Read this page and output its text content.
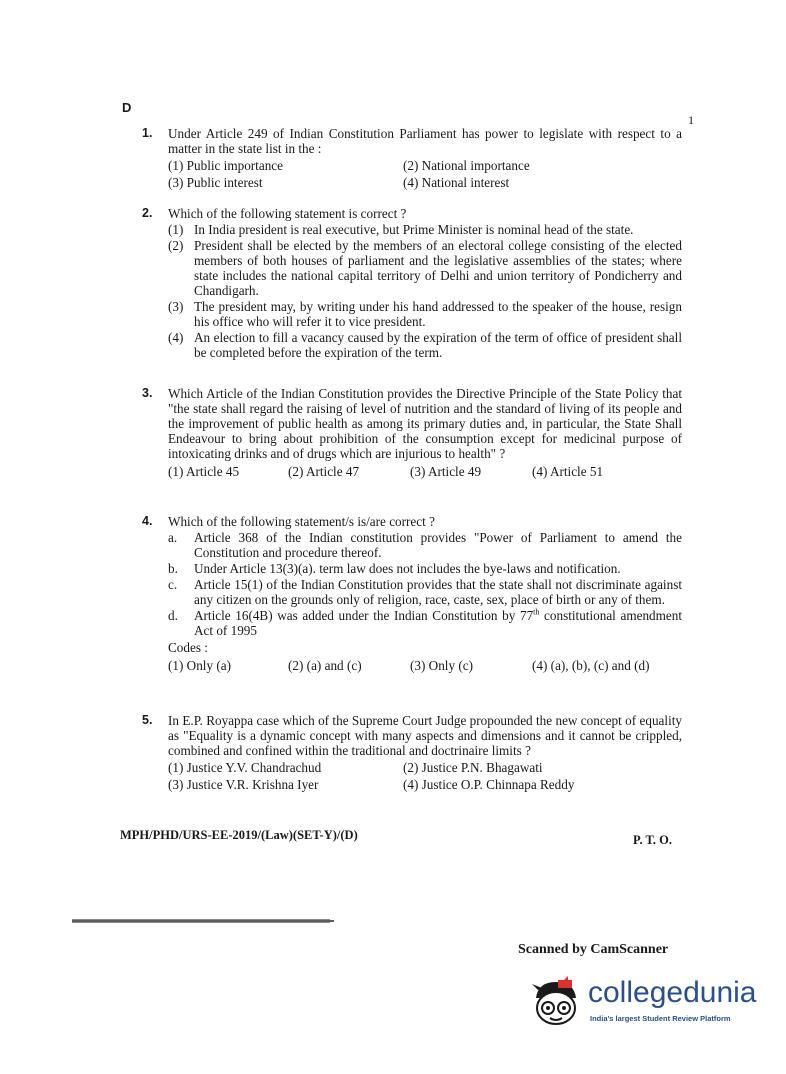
D
1
1. Under Article 249 of Indian Constitution Parliament has power to legislate with respect to a matter in the state list in the :
(1) Public importance	(2) National importance
(3) Public interest	(4) National interest
2. Which of the following statement is correct ?
(1) In India president is real executive, but Prime Minister is nominal head of the state.
(2) President shall be elected by the members of an electoral college consisting of the elected members of both houses of parliament and the legislative assemblies of the states; where state includes the national capital territory of Delhi and union territory of Pondicherry and Chandigarh.
(3) The president may, by writing under his hand addressed to the speaker of the house, resign his office who will refer it to vice president.
(4) An election to fill a vacancy caused by the expiration of the term of office of president shall be completed before the expiration of the term.
3. Which Article of the Indian Constitution provides the Directive Principle of the State Policy that "the state shall regard the raising of level of nutrition and the standard of living of its people and the improvement of public health as among its primary duties and, in particular, the State Shall Endeavour to bring about prohibition of the consumption except for medicinal purpose of intoxicating drinks and of drugs which are injurious to health" ?
(1) Article 45	(2) Article 47	(3) Article 49	(4) Article 51
4. Which of the following statement/s is/are correct ?
a.	Article 368 of the Indian constitution provides "Power of Parliament to amend the Constitution and procedure thereof.
b.	Under Article 13(3)(a). term law does not includes the bye-laws and notification.
c.	Article 15(1) of the Indian Constitution provides that the state shall not discriminate against any citizen on the grounds only of religion, race, caste, sex, place of birth or any of them.
d.	Article 16(4B) was added under the Indian Constitution by 77th constitutional amendment Act of 1995
Codes :
(1) Only (a)	(2) (a) and (c)	(3) Only (c)	(4) (a), (b), (c) and (d)
5. In E.P. Royappa case which of the Supreme Court Judge propounded the new concept of equality as "Equality is a dynamic concept with many aspects and dimensions and it cannot be crippled, combined and confined within the traditional and doctrinaire limits ?
(1) Justice Y.V. Chandrachud	(2) Justice P.N. Bhagawati
(3) Justice V.R. Krishna Iyer	(4) Justice O.P. Chinnapa Reddy
MPH/PHD/URS-EE-2019/(Law)(SET-Y)/(D)	P. T. O.
Scanned by CamScanner
collegedunia
India's largest Student Review Platform
